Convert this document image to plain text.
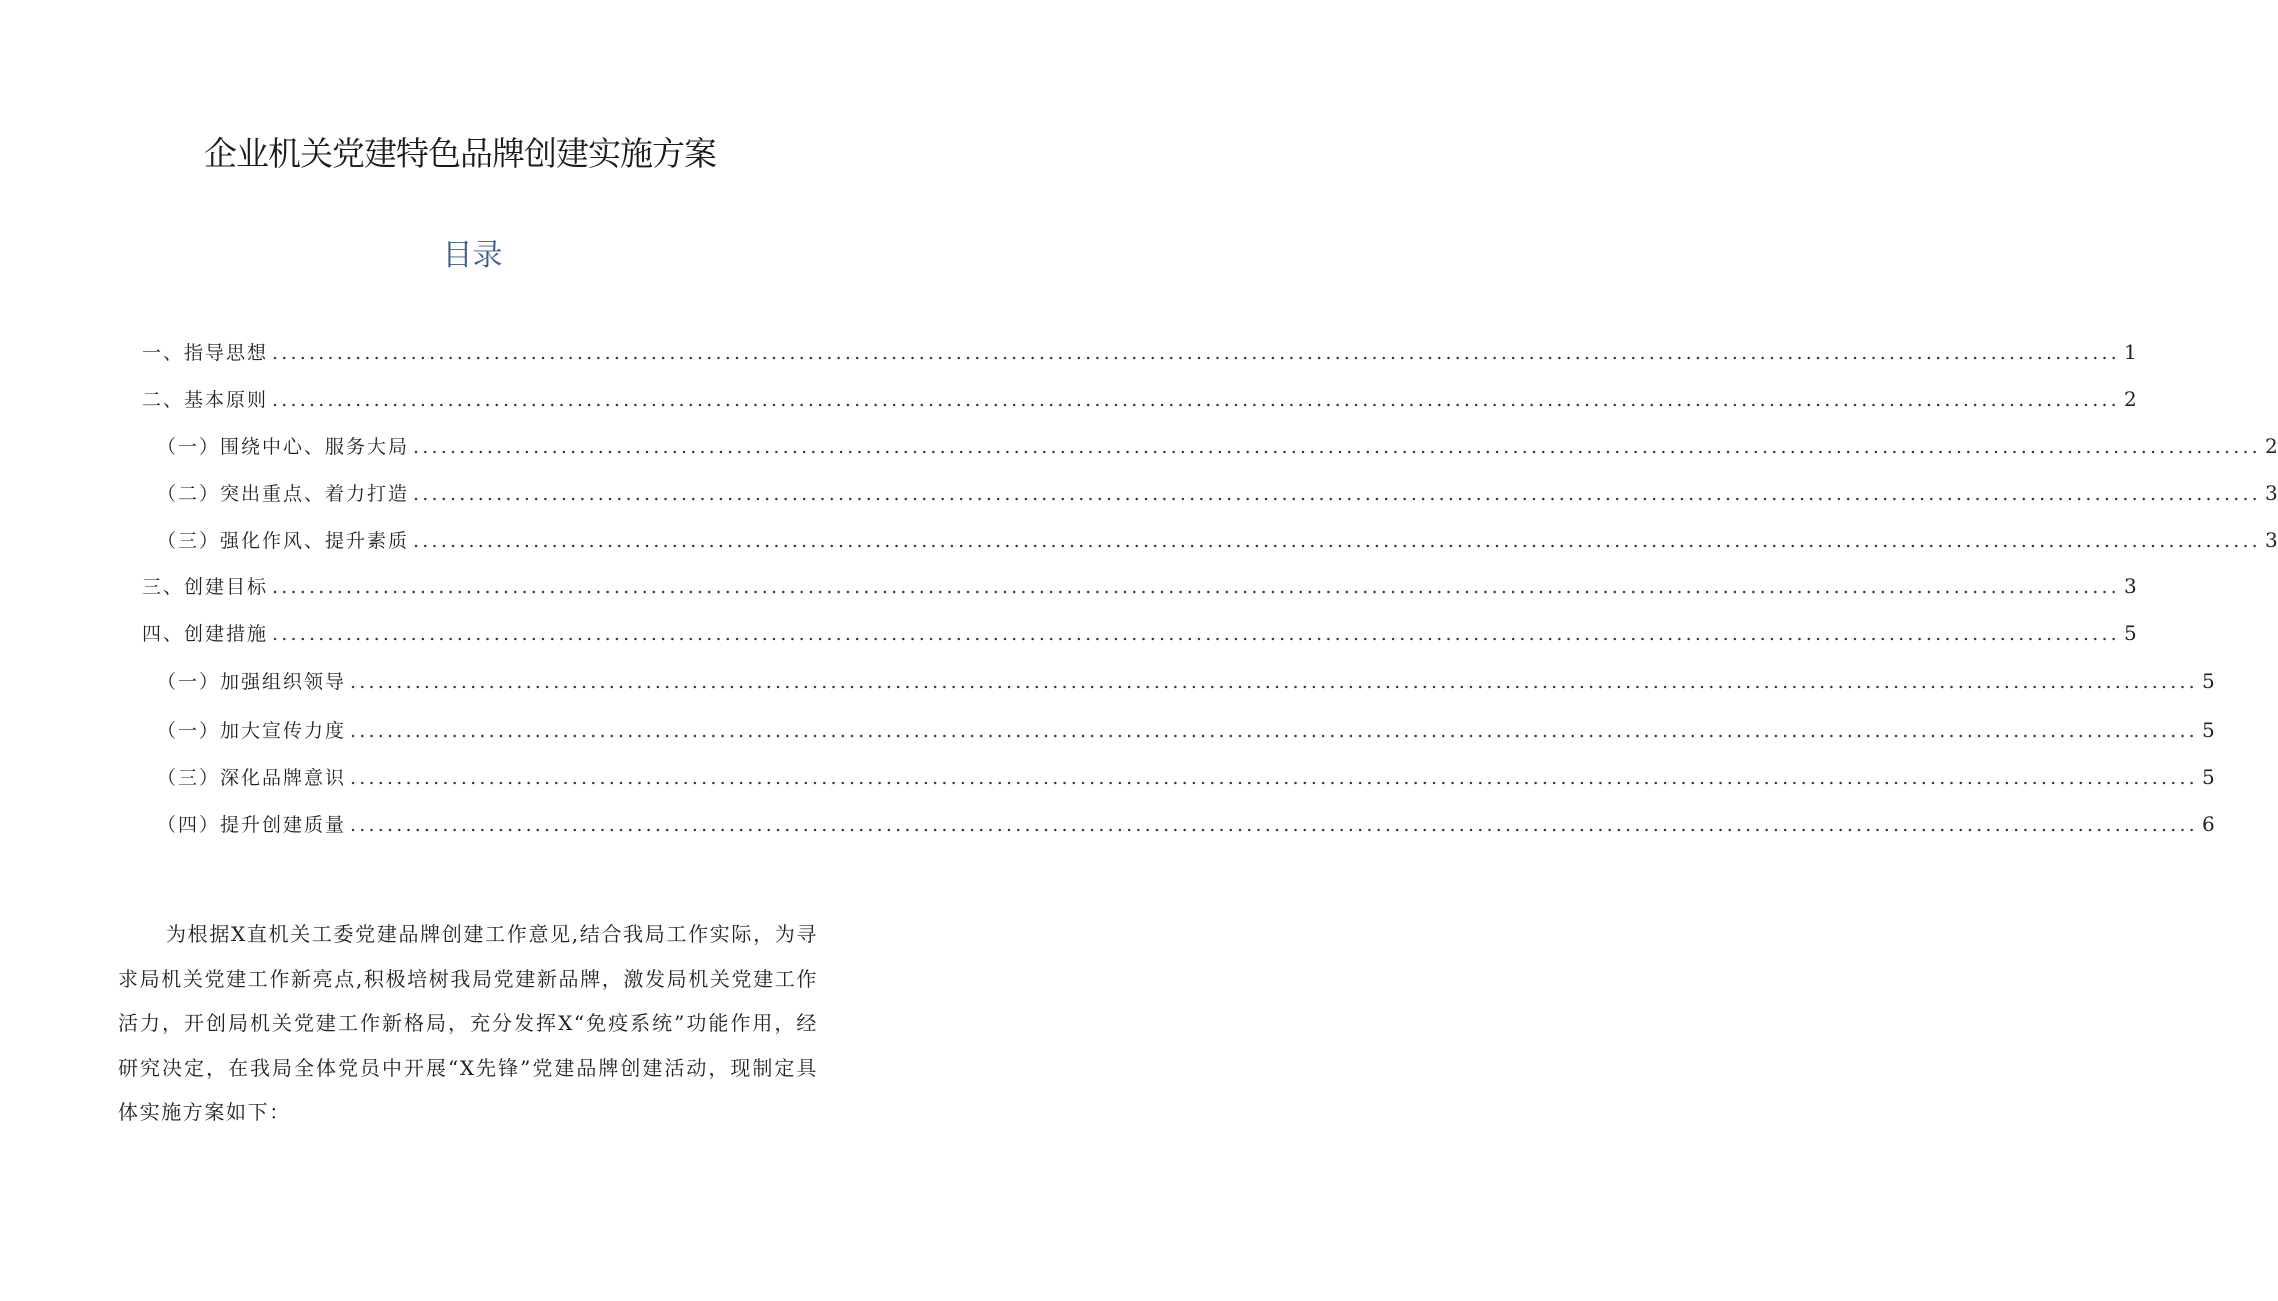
企业机关党建特色品牌创建实施方案
目录
一、指导思想 ........................................................................................................................................................................................................ 1
二、基本原则 ........................................................................................................................................................................................................ 2
（一）围绕中心、服务大局 ........................................................................................................................................................................................................ 2
（二）突出重点、着力打造 ........................................................................................................................................................................................................ 3
（三）强化作风、提升素质 ........................................................................................................................................................................................................ 3
三、创建目标 ........................................................................................................................................................................................................ 3
四、创建措施 ........................................................................................................................................................................................................ 5
（一）加强组织领导 ........................................................................................................................................................................................................ 5
（一）加大宣传力度 ........................................................................................................................................................................................................ 5
（三）深化品牌意识 ........................................................................................................................................................................................................ 5
（四）提升创建质量 ........................................................................................................................................................................................................ 6

为根据X直机关工委党建品牌创建工作意见,结合我局工作实际，为寻求局机关党建工作新亮点,积极培树我局党建新品牌，激发局机关党建工作活力，开创局机关党建工作新格局，充分发挥X“免疫系统”功能作用，经研究决定，在我局全体党员中开展“X先锋”党建品牌创建活动，现制定具体实施方案如下：
